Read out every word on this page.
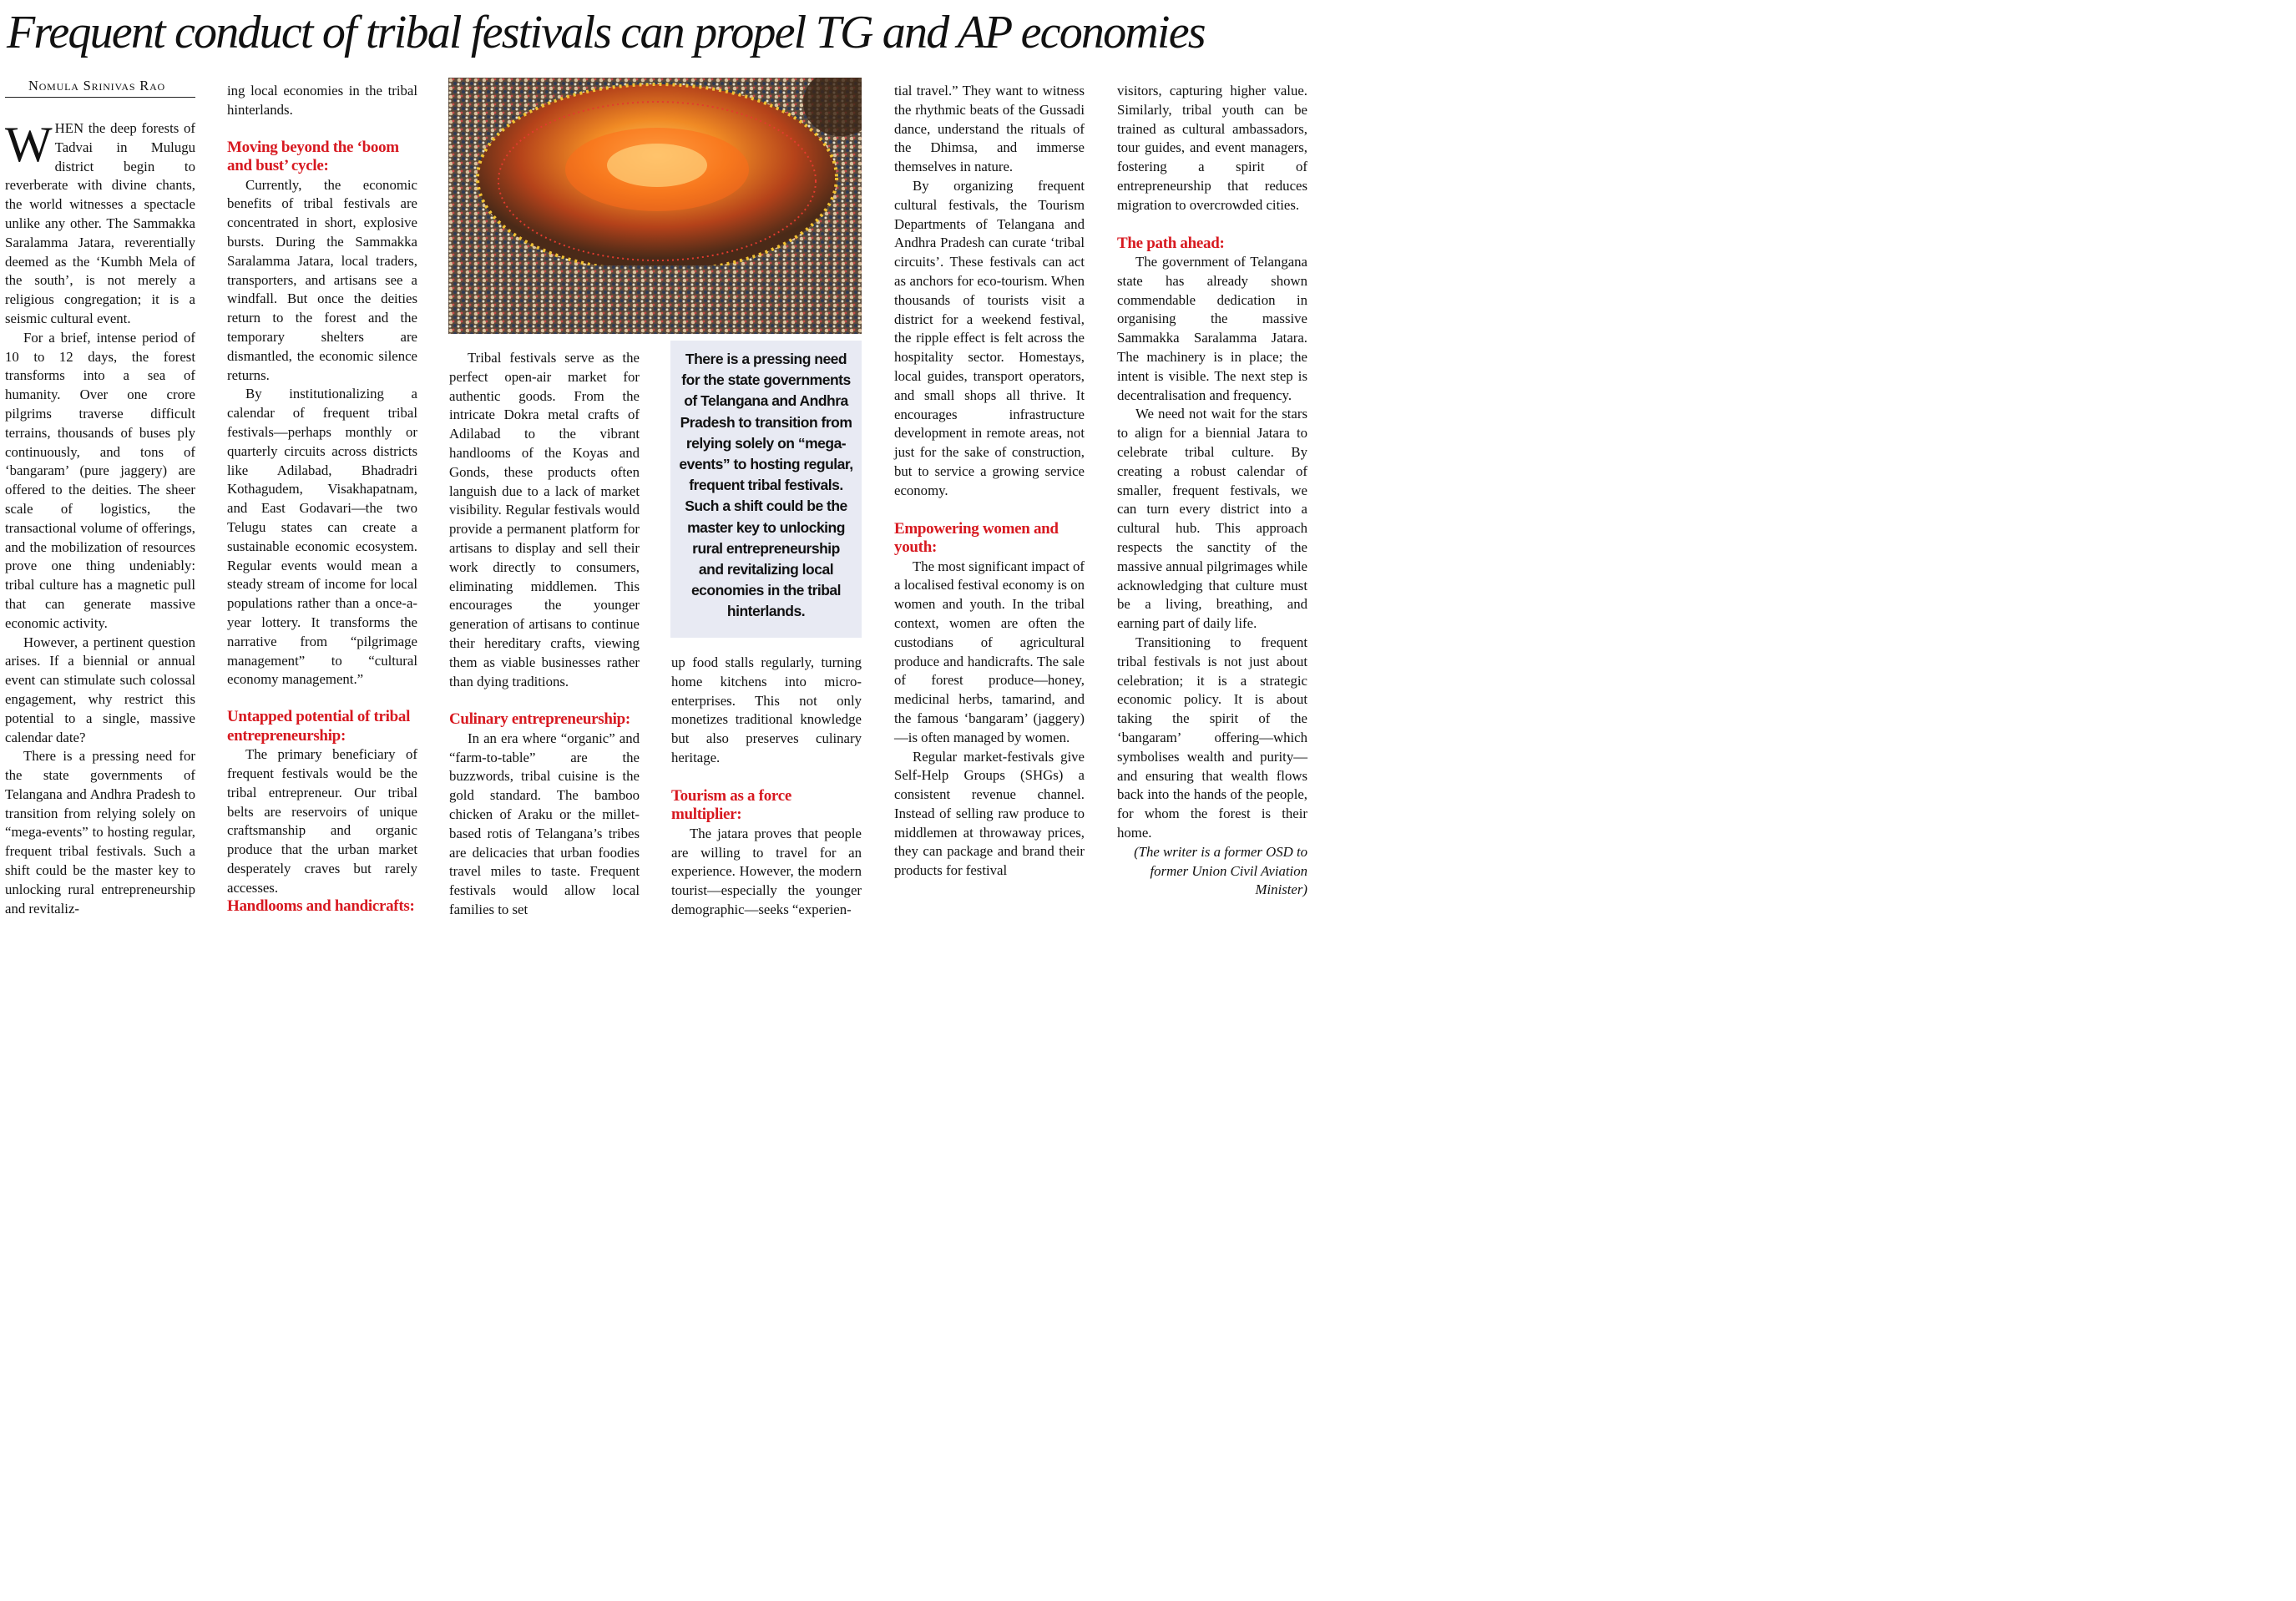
Frequent conduct of tribal festivals can propel TG and AP economies
Nomula Srinivas Rao

WHEN the deep forests of Tadvai in Mulugu district begin to reverberate with divine chants, the world witnesses a spectacle unlike any other. The Sammakka Saralamma Jatara, reverentially deemed as the ‘Kumbh Mela of the south’, is not merely a religious congregation; it is a seismic cultural event.

For a brief, intense period of 10 to 12 days, the forest transforms into a sea of humanity. Over one crore pilgrims traverse difficult terrains, thousands of buses ply continuously, and tons of ‘bangaram’ (pure jaggery) are offered to the deities. The sheer scale of logistics, the transactional volume of offerings, and the mobilization of resources prove one thing undeniably: tribal culture has a magnetic pull that can generate massive economic activity.

However, a pertinent question arises. If a biennial or annual event can stimulate such colossal engagement, why restrict this potential to a single, massive calendar date?

There is a pressing need for the state governments of Telangana and Andhra Pradesh to transition from relying solely on “mega-events” to hosting regular, frequent tribal festivals. Such a shift could be the master key to unlocking rural entrepreneurship and revitaliz-

ing local economies in the tribal hinterlands.

Moving beyond the ‘boom and bust’ cycle:

Currently, the economic benefits of tribal festivals are concentrated in short, explosive bursts. During the Sammakka Saralamma Jatara, local traders, transporters, and artisans see a windfall. But once the deities return to the forest and the temporary shelters are dismantled, the economic silence returns.

By institutionalizing a calendar of frequent tribal festivals—perhaps monthly or quarterly circuits across districts like Adilabad, Bhadradri Kothagudem, Visakhapatnam, and East Godavari—the two Telugu states can create a sustainable economic ecosystem. Regular events would mean a steady stream of income for local populations rather than a once-a-year lottery. It transforms the narrative from “pilgrimage management” to “cultural economy management.”

Untapped potential of tribal entrepreneurship:

The primary beneficiary of frequent festivals would be the tribal entrepreneur. Our tribal belts are reservoirs of unique craftsmanship and organic produce that the urban market desperately craves but rarely accesses.

Handlooms and handicrafts:

Tribal festivals serve as the perfect open-air market for authentic goods. From the intricate Dokra metal crafts of Adilabad to the vibrant handlooms of the Koyas and Gonds, these products often languish due to a lack of market visibility. Regular festivals would provide a permanent platform for artisans to display and sell their work directly to consumers, eliminating middlemen. This encourages the younger generation of artisans to continue their hereditary crafts, viewing them as viable businesses rather than dying traditions.

Culinary entrepreneurship:

In an era where “organic” and “farm-to-table” are the buzzwords, tribal cuisine is the gold standard. The bamboo chicken of Araku or the millet-based rotis of Telangana’s tribes are delicacies that urban foodies travel miles to taste. Frequent festivals would allow local families to set

There is a pressing need for the state governments of Telangana and Andhra Pradesh to transition from relying solely on “mega-events” to hosting regular, frequent tribal festivals. Such a shift could be the master key to unlocking rural entrepreneurship and revitalizing local economies in the tribal hinterlands.

up food stalls regularly, turning home kitchens into micro-enterprises. This not only monetizes traditional knowledge but also preserves culinary heritage.

Tourism as a force multiplier:

The jatara proves that people are willing to travel for an experience. However, the modern tourist—especially the younger demographic—seeks “experien-

tial travel.” They want to witness the rhythmic beats of the Gussadi dance, understand the rituals of the Dhimsa, and immerse themselves in nature.

By organizing frequent cultural festivals, the Tourism Departments of Telangana and Andhra Pradesh can curate ‘tribal circuits’. These festivals can act as anchors for eco-tourism. When thousands of tourists visit a district for a weekend festival, the ripple effect is felt across the hospitality sector. Homestays, local guides, transport operators, and small shops all thrive. It encourages infrastructure development in remote areas, not just for the sake of construction, but to service a growing service economy.

Empowering women and youth:

The most significant impact of a localised festival economy is on women and youth. In the tribal context, women are often the custodians of agricultural produce and handicrafts. The sale of forest produce—honey, medicinal herbs, tamarind, and the famous ‘bangaram’ (jaggery)—is often managed by women.

Regular market-festivals give Self-Help Groups (SHGs) a consistent revenue channel. Instead of selling raw produce to middlemen at throwaway prices, they can package and brand their products for festival

visitors, capturing higher value. Similarly, tribal youth can be trained as cultural ambassadors, tour guides, and event managers, fostering a spirit of entrepreneurship that reduces migration to overcrowded cities.

The path ahead:

The government of Telangana state has already shown commendable dedication in organising the massive Sammakka Saralamma Jatara. The machinery is in place; the intent is visible. The next step is decentralisation and frequency.

We need not wait for the stars to align for a biennial Jatara to celebrate tribal culture. By creating a robust calendar of smaller, frequent festivals, we can turn every district into a cultural hub. This approach respects the sanctity of the massive annual pilgrimages while acknowledging that culture must be a living, breathing, and earning part of daily life.

Transitioning to frequent tribal festivals is not just about celebration; it is a strategic economic policy. It is about taking the spirit of the ‘bangaram’ offering—which symbolises wealth and purity—and ensuring that wealth flows back into the hands of the people, for whom the forest is their home.

(The writer is a former OSD to former Union Civil Aviation Minister)
